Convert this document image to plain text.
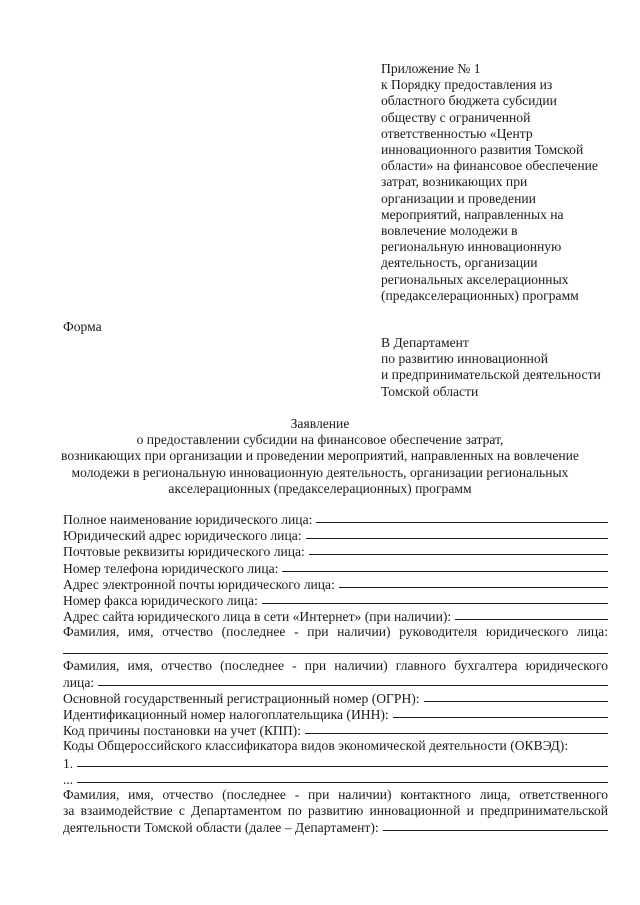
Приложение № 1
к Порядку предоставления из
областного бюджета субсидии
обществу с ограниченной
ответственностью «Центр
инновационного развития Томской
области» на финансовое обеспечение
затрат, возникающих при
организации и проведении
мероприятий, направленных на
вовлечение молодежи в
региональную инновационную
деятельность, организации
региональных акселерационных
(предакселерационных) программ
Форма
В Департамент
по развитию инновационной
и предпринимательской деятельности
Томской области
Заявление
о предоставлении субсидии на финансовое обеспечение затрат,
возникающих при организации и проведении мероприятий, направленных на вовлечение
молодежи в региональную инновационную деятельность, организации региональных
акселерационных (предакселерационных) программ
Полное наименование юридического лица:
Юридический адрес юридического лица:
Почтовые реквизиты юридического лица:
Номер телефона юридического лица:
Адрес электронной почты юридического лица:
Номер факса юридического лица:
Адрес сайта юридического лица в сети «Интернет» (при наличии):
Фамилия, имя, отчество (последнее - при наличии) руководителя юридического лица:
Фамилия, имя, отчество (последнее - при наличии) главного бухгалтера юридического
лица:
Основной государственный регистрационный номер (ОГРН):
Идентификационный номер налогоплательщика (ИНН):
Код причины постановки на учет (КПП):
Коды Общероссийского классификатора видов экономической деятельности (ОКВЭД):
1.
...
Фамилия, имя, отчество (последнее - при наличии) контактного лица, ответственного
за взаимодействие с Департаментом по развитию инновационной и предпринимательской
деятельности Томской области (далее – Департамент):
